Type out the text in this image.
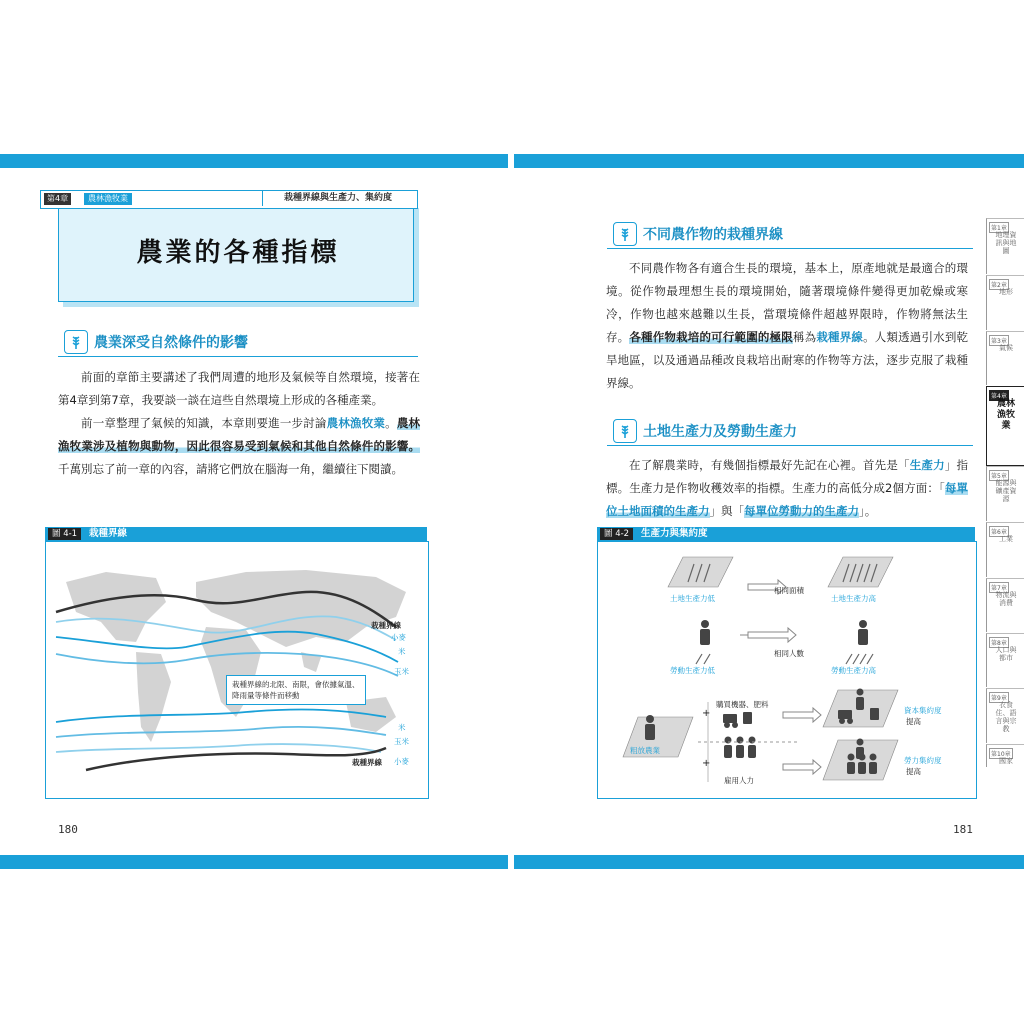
第4章	農林漁牧業	栽種界線與生產力、集約度
農業的各種指標
農業深受自然條件的影響

前面的章節主要講述了我們周遭的地形及氣候等自然環境，接著在第4章到第7章，我要談一談在這些自然環境上形成的各種產業。

前一章整理了氣候的知識，本章則要進一步討論農林漁牧業。農林漁牧業涉及植物與動物，因此很容易受到氣候和其他自然條件的影響。千萬別忘了前一章的內容，請將它們放在腦海一角，繼續往下閱讀。

圖 4-1	栽種界線
栽種界線
小麥
米
玉米
米
玉米
小麥
栽種界線
栽種界線的北限、南限，會依據氣溫、降雨量等條件而移動
180
不同農作物的栽種界線

不同農作物各有適合生長的環境，基本上，原產地就是最適合的環境。從作物最理想生長的環境開始，隨著環境條件變得更加乾燥或寒冷，作物也越來越難以生長，當環境條件超越界限時，作物將無法生存。各種作物栽培的可行範圍的極限稱為栽種界線。人類透過引水到乾旱地區，以及通過品種改良栽培出耐寒的作物等方法，逐步克服了栽種界線。

土地生產力及勞動生產力

在了解農業時，有幾個指標最好先記在心裡。首先是「生產力」指標。生產力是作物收穫效率的指標。生產力的高低分成2個方面：「每單位土地面積的生產力」與「每單位勞動力的生產力」。

圖 4-2	生產力與集約度
相同面積
土地生產力低	土地生產力高
相同人數
勞動生產力低	勞動生產力高
+
購買機器、肥料
資本集約度
提高
粗放農業
+
雇用人力
勞力集約度
提高
181
第1章
地理資訊與地圖
第2章
地形
第3章
氣候
第4章
農林漁牧業
第5章
能源與礦產資源
第6章
工業
第7章
物流與消費
第8章
人口與都市
第9章
衣食住、語言與宗教
第10章
國家
